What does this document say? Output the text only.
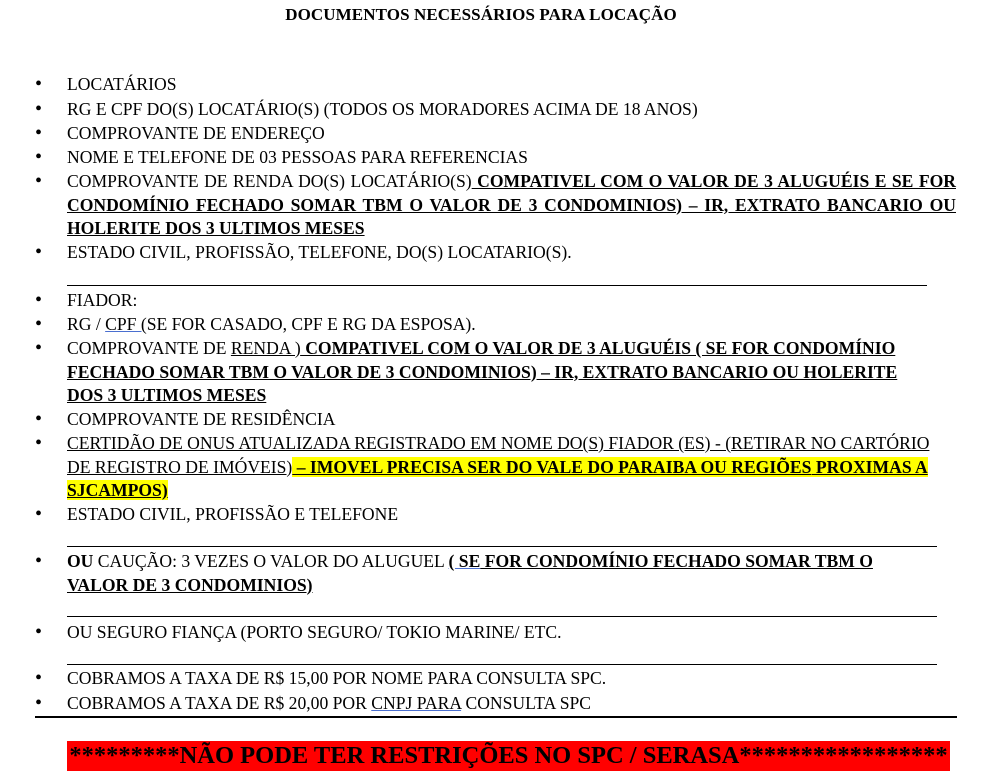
DOCUMENTOS NECESSÁRIOS PARA LOCAÇÃO
• LOCATÁRIOS
• RG E CPF DO(S) LOCATÁRIO(S) (TODOS OS MORADORES ACIMA DE 18 ANOS)
• COMPROVANTE DE ENDEREÇO
• NOME E TELEFONE DE 03 PESSOAS PARA REFERENCIAS
• COMPROVANTE DE RENDA DO(S) LOCATÁRIO(S) COMPATIVEL COM O VALOR DE 3 ALUGUÉIS E SE FOR CONDOMÍNIO FECHADO SOMAR TBM O VALOR DE 3 CONDOMINIOS) – IR, EXTRATO BANCARIO OU HOLERITE DOS 3 ULTIMOS MESES
• ESTADO CIVIL, PROFISSÃO, TELEFONE, DO(S) LOCATARIO(S).
• FIADOR:
• RG / CPF (SE FOR CASADO, CPF E RG DA ESPOSA).
• COMPROVANTE DE RENDA ) COMPATIVEL COM O VALOR DE 3 ALUGUÉIS ( SE FOR CONDOMÍNIO FECHADO SOMAR TBM O VALOR DE 3 CONDOMINIOS) – IR, EXTRATO BANCARIO OU HOLERITE DOS 3 ULTIMOS MESES
• COMPROVANTE DE RESIDÊNCIA
• CERTIDÃO DE ONUS ATUALIZADA REGISTRADO EM NOME DO(S) FIADOR (ES) - (RETIRAR NO CARTÓRIO DE REGISTRO DE IMÓVEIS) – IMOVEL PRECISA SER DO VALE DO PARAIBA OU REGIÕES PROXIMAS A SJCAMPOS)
• ESTADO CIVIL, PROFISSÃO E TELEFONE
• OU CAUÇÃO: 3 VEZES O VALOR DO ALUGUEL ( SE FOR CONDOMÍNIO FECHADO SOMAR TBM O VALOR DE 3 CONDOMINIOS)
• OU SEGURO FIANÇA (PORTO SEGURO/ TOKIO MARINE/ ETC.
• COBRAMOS A TAXA DE R$ 15,00 POR NOME PARA CONSULTA SPC.
• COBRAMOS A TAXA DE R$ 20,00 POR CNPJ PARA CONSULTA SPC
*********NÃO PODE TER RESTRIÇÕES NO SPC / SERASA*****************
